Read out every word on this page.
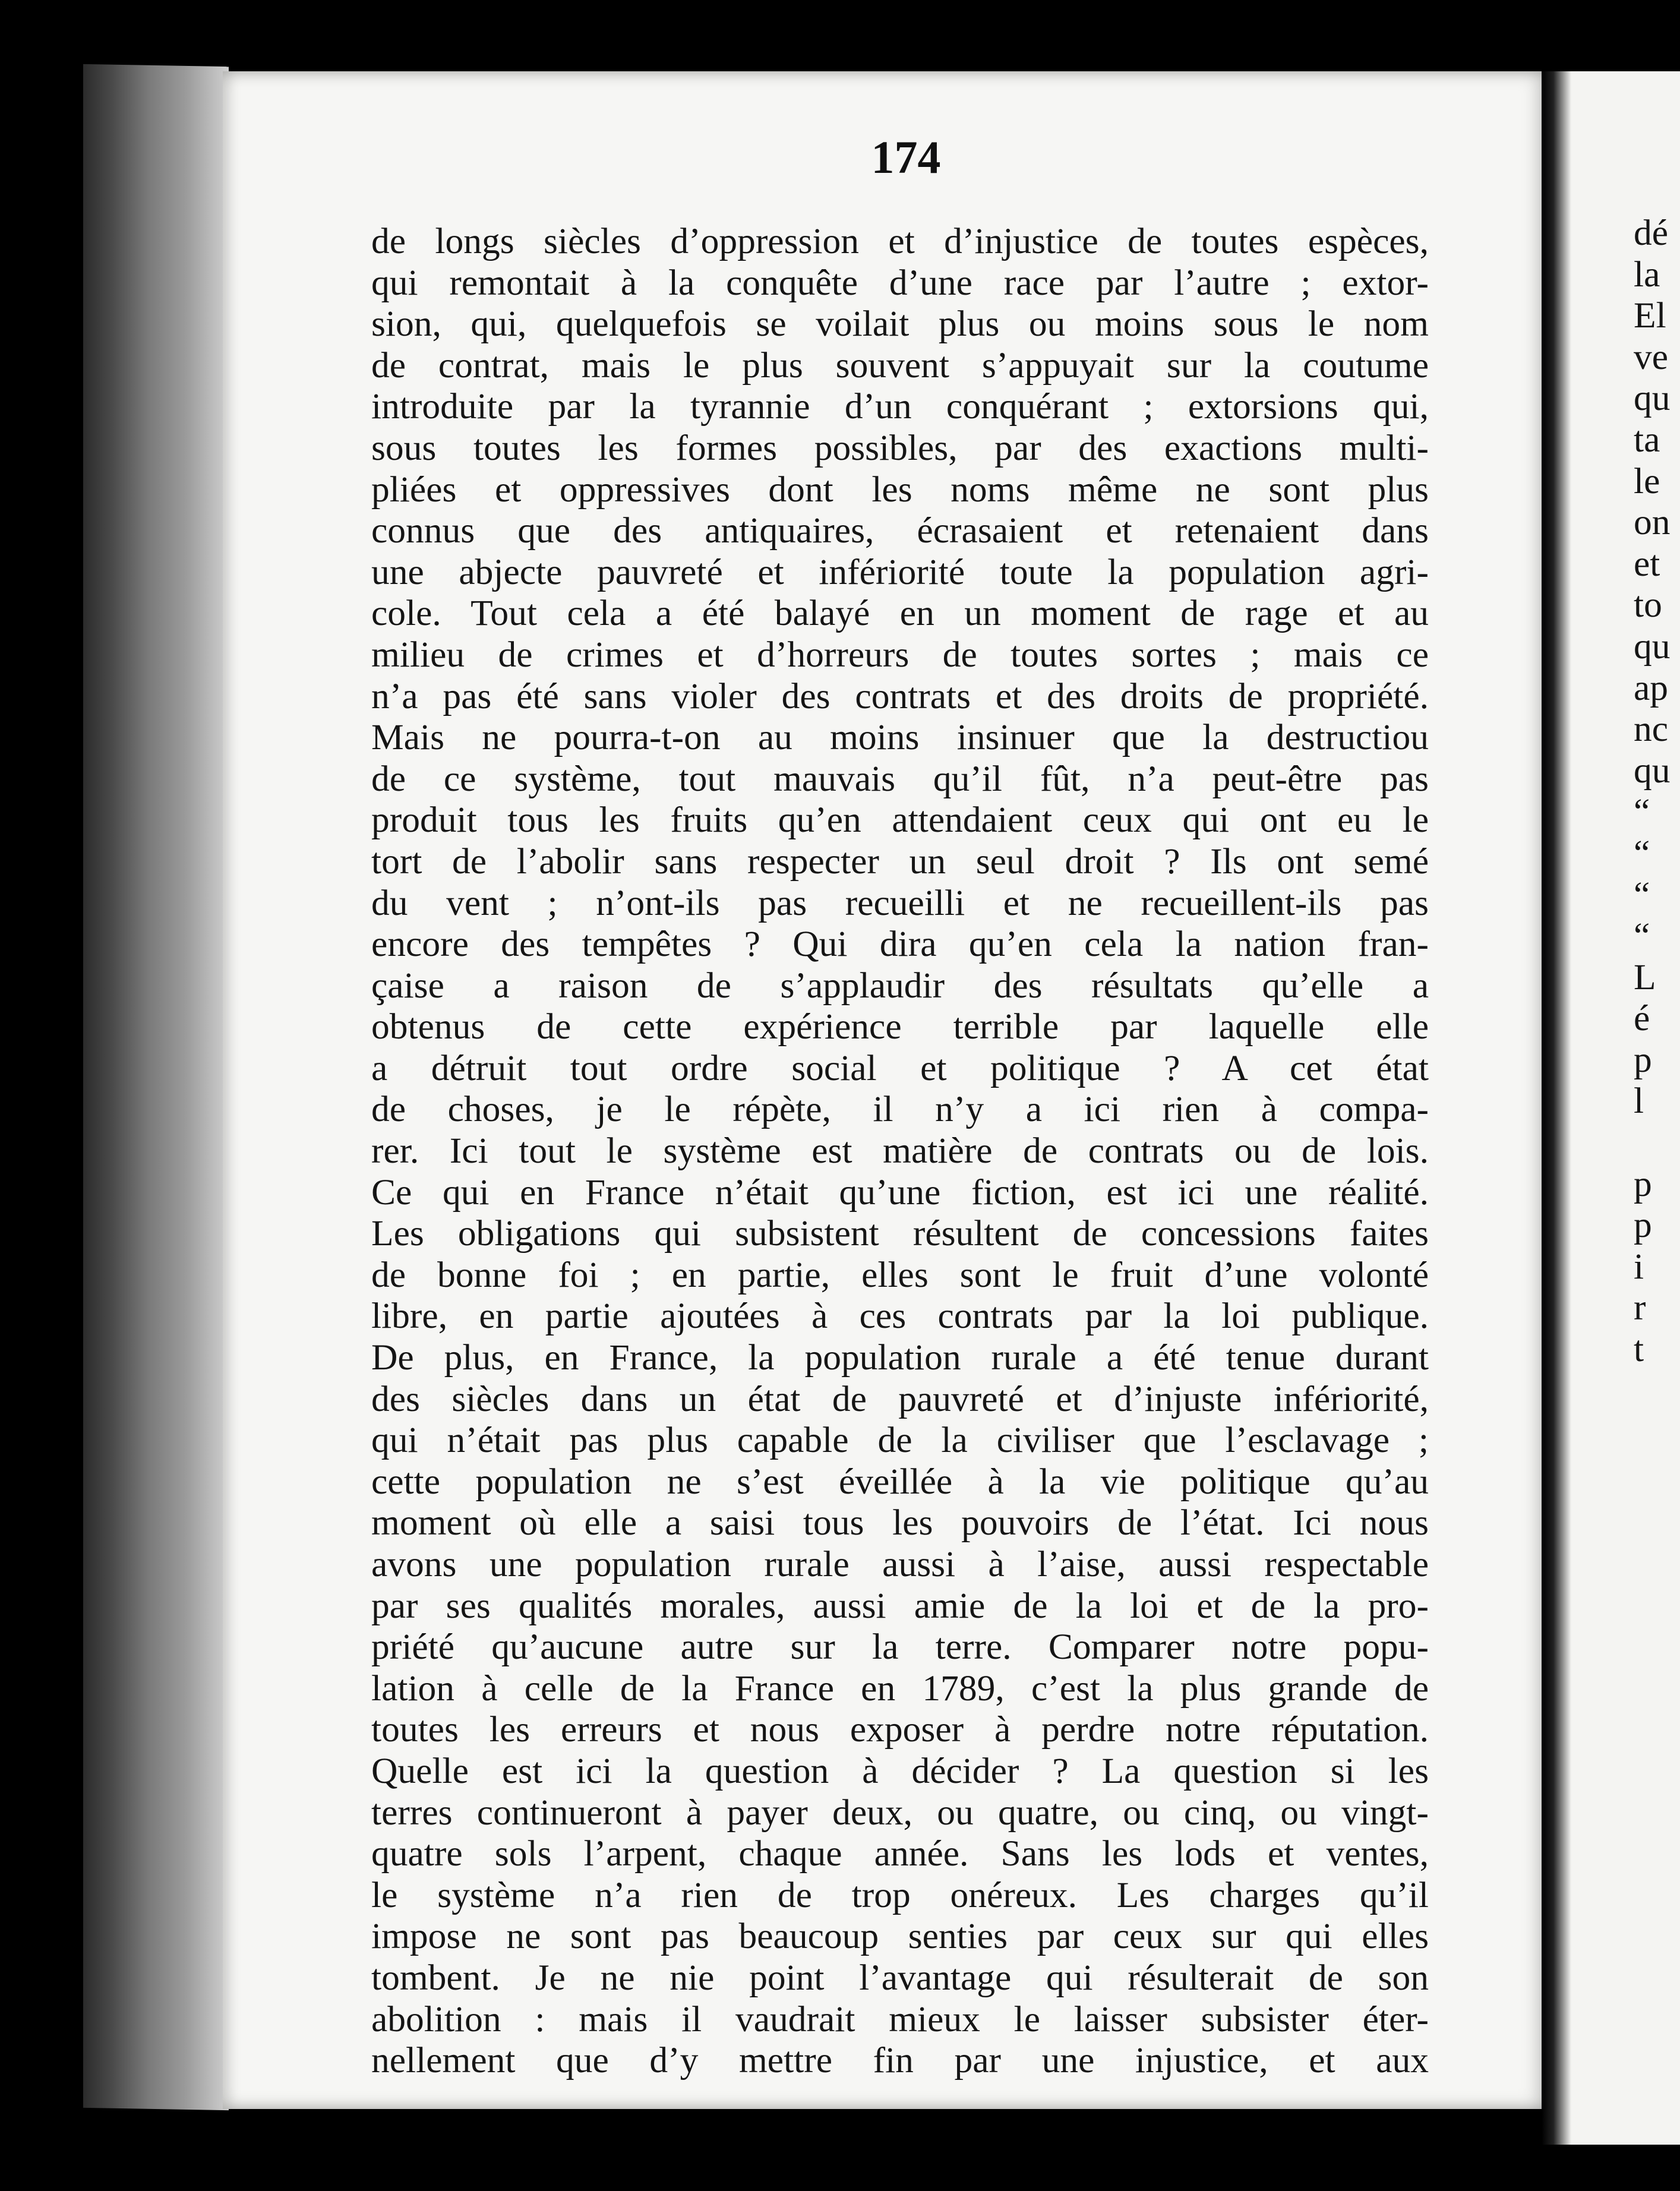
174
de longs siècles d’oppression et d’injustice de toutes espèces,
qui remontait à la conquête d’une race par l’autre ; extor-
sion, qui, quelquefois se voilait plus ou moins sous le nom
de contrat, mais le plus souvent s’appuyait sur la coutume
introduite par la tyrannie d’un conquérant ; extorsions qui,
sous toutes les formes possibles, par des exactions multi-
pliées et oppressives dont les noms même ne sont plus
connus que des antiquaires, écrasaient et retenaient dans
une abjecte pauvreté et infériorité toute la population agri-
cole. Tout cela a été balayé en un moment de rage et au
milieu de crimes et d’horreurs de toutes sortes ; mais ce
n’a pas été sans violer des contrats et des droits de propriété.
Mais ne pourra-t-on au moins insinuer que la destructiou
de ce système, tout mauvais qu’il fût, n’a peut-être pas
produit tous les fruits qu’en attendaient ceux qui ont eu le
tort de l’abolir sans respecter un seul droit ? Ils ont semé
du vent ; n’ont-ils pas recueilli et ne recueillent-ils pas
encore des tempêtes ? Qui dira qu’en cela la nation fran-
çaise a raison de s’applaudir des résultats qu’elle a
obtenus de cette expérience terrible par laquelle elle
a détruit tout ordre social et politique ? A cet état
de choses, je le répète, il n’y a ici rien à compa-
rer. Ici tout le système est matière de contrats ou de lois.
Ce qui en France n’était qu’une fiction, est ici une réalité.
Les obligations qui subsistent résultent de concessions faites
de bonne foi ; en partie, elles sont le fruit d’une volonté
libre, en partie ajoutées à ces contrats par la loi publique.
De plus, en France, la population rurale a été tenue durant
des siècles dans un état de pauvreté et d’injuste infériorité,
qui n’était pas plus capable de la civiliser que l’esclavage ;
cette population ne s’est éveillée à la vie politique qu’au
moment où elle a saisi tous les pouvoirs de l’état. Ici nous
avons une population rurale aussi à l’aise, aussi respectable
par ses qualités morales, aussi amie de la loi et de la pro-
priété qu’aucune autre sur la terre. Comparer notre popu-
lation à celle de la France en 1789, c’est la plus grande de
toutes les erreurs et nous exposer à perdre notre réputation.
Quelle est ici la question à décider ? La question si les
terres continueront à payer deux, ou quatre, ou cinq, ou vingt-
quatre sols l’arpent, chaque année. Sans les lods et ventes,
le système n’a rien de trop onéreux. Les charges qu’il
impose ne sont pas beaucoup senties par ceux sur qui elles
tombent. Je ne nie point l’avantage qui résulterait de son
abolition : mais il vaudrait mieux le laisser subsister éter-
nellement que d’y mettre fin par une injustice, et aux
dé
la
El
ve
qu
ta
le
on
et
to
qu
ap
nc
qu
“
“
“
“
L
é
p
l
p
p
i
r
t
